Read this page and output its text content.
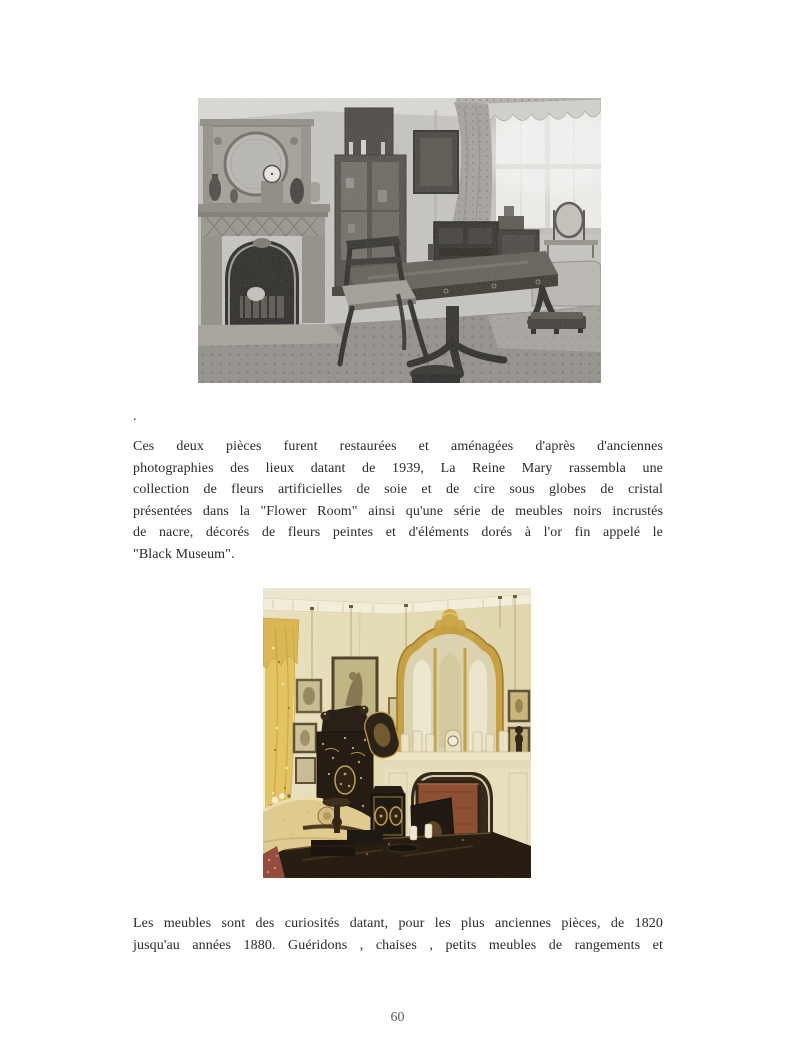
.
Ces deux pièces furent restaurées et aménagées d'après d'anciennes
photographies des lieux datant de 1939, La Reine Mary rassembla une
collection de fleurs artificielles de soie et de cire sous globes de cristal
présentées dans la "Flower Room" ainsi qu'une série de meubles noirs incrustés
de nacre, décorés de fleurs peintes et d'éléments dorés à l'or fin appelé le
"Black Museum".
Les meubles sont des curiosités datant, pour les plus anciennes pièces, de 1820
jusqu'au années 1880. Guéridons , chaises , petits meubles de rangements et
60
